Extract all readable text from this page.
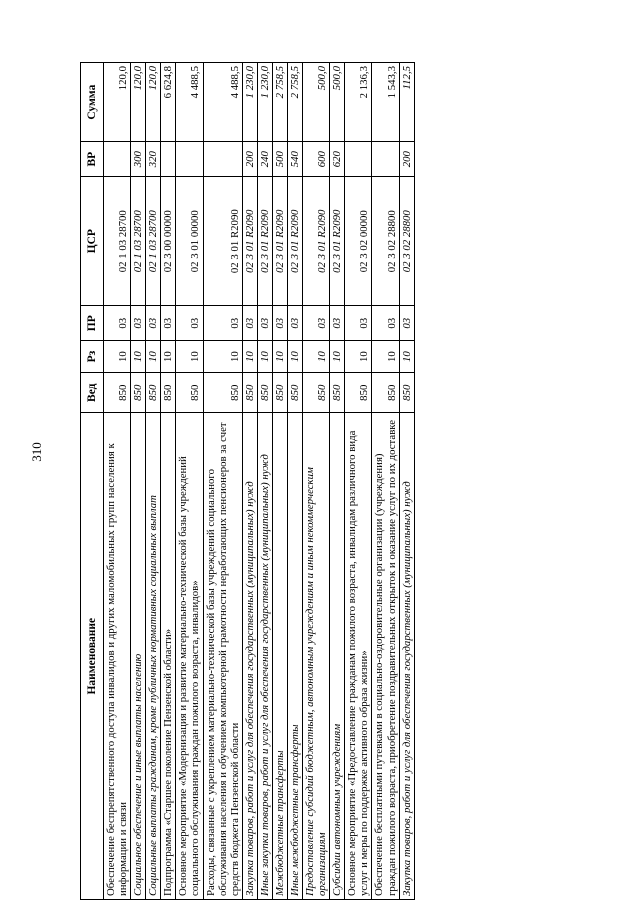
310
Наименование	Вед	Рз	ПР	ЦСР	ВР	Сумма
Обеспечение беспрепятственного доступа инвалидов и других маломобильных групп населения к информации и связи	850	10	03	02 1 03 28700		120,0
Социальное обеспечение и иные выплаты населению	850	10	03	02 1 03 28700	300	120,0
Социальные выплаты гражданам, кроме публичных нормативных социальных выплат	850	10	03	02 1 03 28700	320	120,0
Подпрограмма «Старшее поколение Пензенской области»	850	10	03	02 3 00 00000		6 624,8
Основное мероприятие «Модернизация и развитие материально-технической базы учреждений социального обслуживания граждан пожилого возраста, инвалидов»	850	10	03	02 3 01 00000		4 488,5
Расходы, связанные с укреплением материально-технической базы учреждений социального обслуживания населения и обучением компьютерной грамотности неработающих пенсионеров за счет средств бюджета Пензенской области	850	10	03	02 3 01 R2090		4 488,5
Закупка товаров, работ и услуг для обеспечения государственных (муниципальных) нужд	850	10	03	02 3 01 R2090	200	1 230,0
Иные закупки товаров, работ и услуг для обеспечения государственных (муниципальных) нужд	850	10	03	02 3 01 R2090	240	1 230,0
Межбюджетные трансферты	850	10	03	02 3 01 R2090	500	2 758,5
Иные межбюджетные трансферты	850	10	03	02 3 01 R2090	540	2 758,5
Предоставление субсидий бюджетным, автономным учреждениям и иным некоммерческим организациям	850	10	03	02 3 01 R2090	600	500,0
Субсидии автономным учреждениям	850	10	03	02 3 01 R2090	620	500,0
Основное мероприятие «Предоставление гражданам пожилого возраста, инвалидам различного вида услуг и меры по поддержке активного образа жизни»	850	10	03	02 3 02 00000		2 136,3
Обеспечение бесплатными путевками в социально-оздоровительные организации (учреждения) граждан пожилого возраста, приобретение поздравительных открыток и оказание услуг по их доставке	850	10	03	02 3 02 28800		1 543,3
Закупка товаров, работ и услуг для обеспечения государственных (муниципальных) нужд	850	10	03	02 3 02 28800	200	112,5
